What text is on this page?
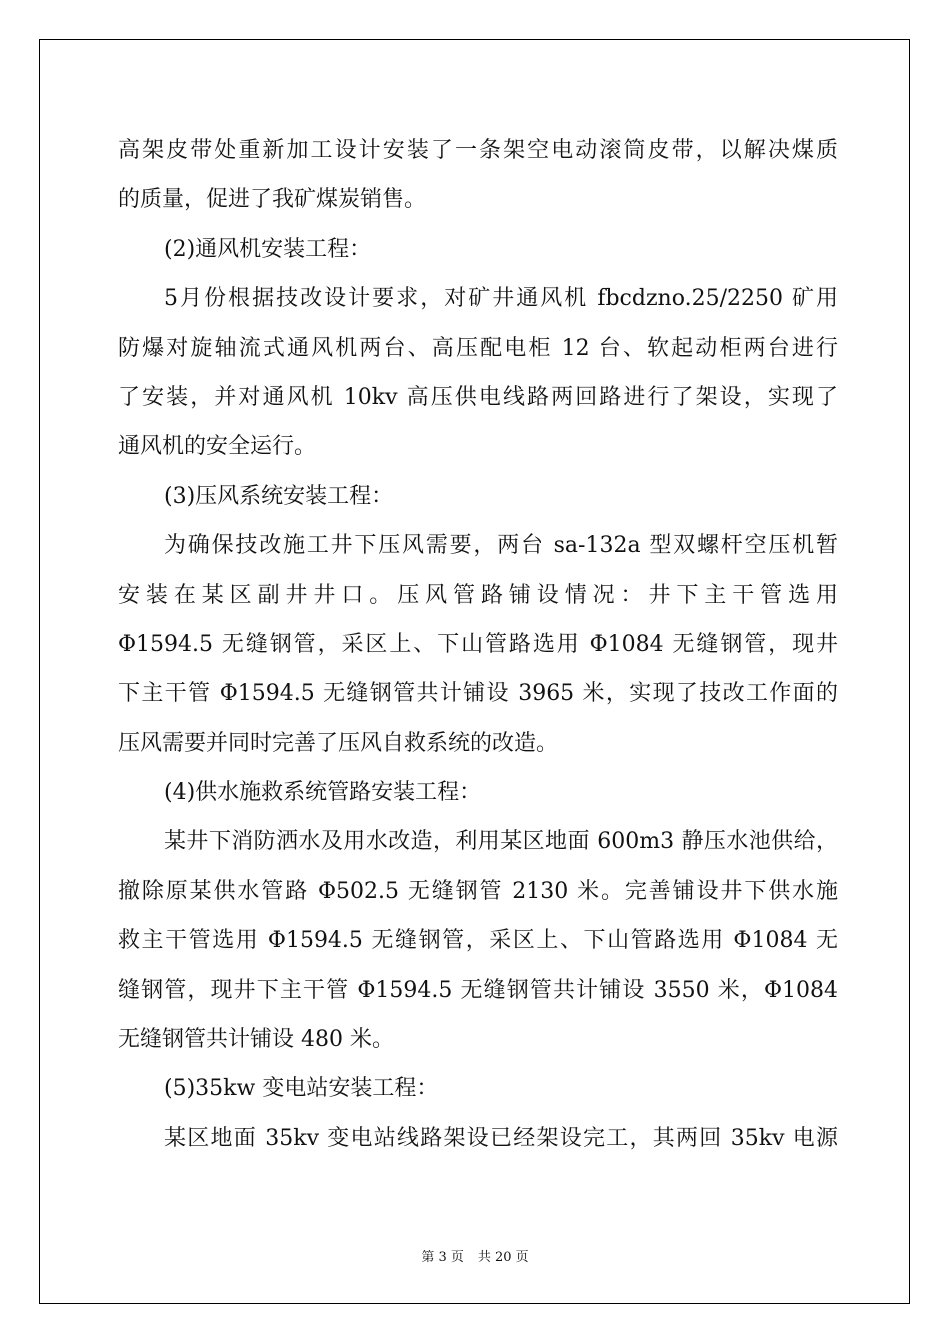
高架皮带处重新加工设计安装了一条架空电动滚筒皮带，以解决煤质
的质量，促进了我矿煤炭销售。
(2)通风机安装工程：
5月份根据技改设计要求，对矿井通风机 fbcdzno.25/2250 矿用
防爆对旋轴流式通风机两台、高压配电柜 12 台、软起动柜两台进行
了安装，并对通风机 10kv 高压供电线路两回路进行了架设，实现了
通风机的安全运行。
(3)压风系统安装工程：
为确保技改施工井下压风需要，两台 sa-132a 型双螺杆空压机暂
安装在某区副井井口。压风管路铺设情况：井下主干管选用
Φ1594.5 无缝钢管，采区上、下山管路选用 Φ1084 无缝钢管，现井
下主干管 Φ1594.5 无缝钢管共计铺设 3965 米，实现了技改工作面的
压风需要并同时完善了压风自救系统的改造。
(4)供水施救系统管路安装工程：
某井下消防洒水及用水改造，利用某区地面 600m3 静压水池供给，
撤除原某供水管路 Φ502.5 无缝钢管 2130 米。完善铺设井下供水施
救主干管选用 Φ1594.5 无缝钢管，采区上、下山管路选用 Φ1084 无
缝钢管，现井下主干管 Φ1594.5 无缝钢管共计铺设 3550 米，Φ1084
无缝钢管共计铺设 480 米。
(5)35kw 变电站安装工程：
某区地面 35kv 变电站线路架设已经架设完工，其两回 35kv 电源
第 3 页 共 20 页
